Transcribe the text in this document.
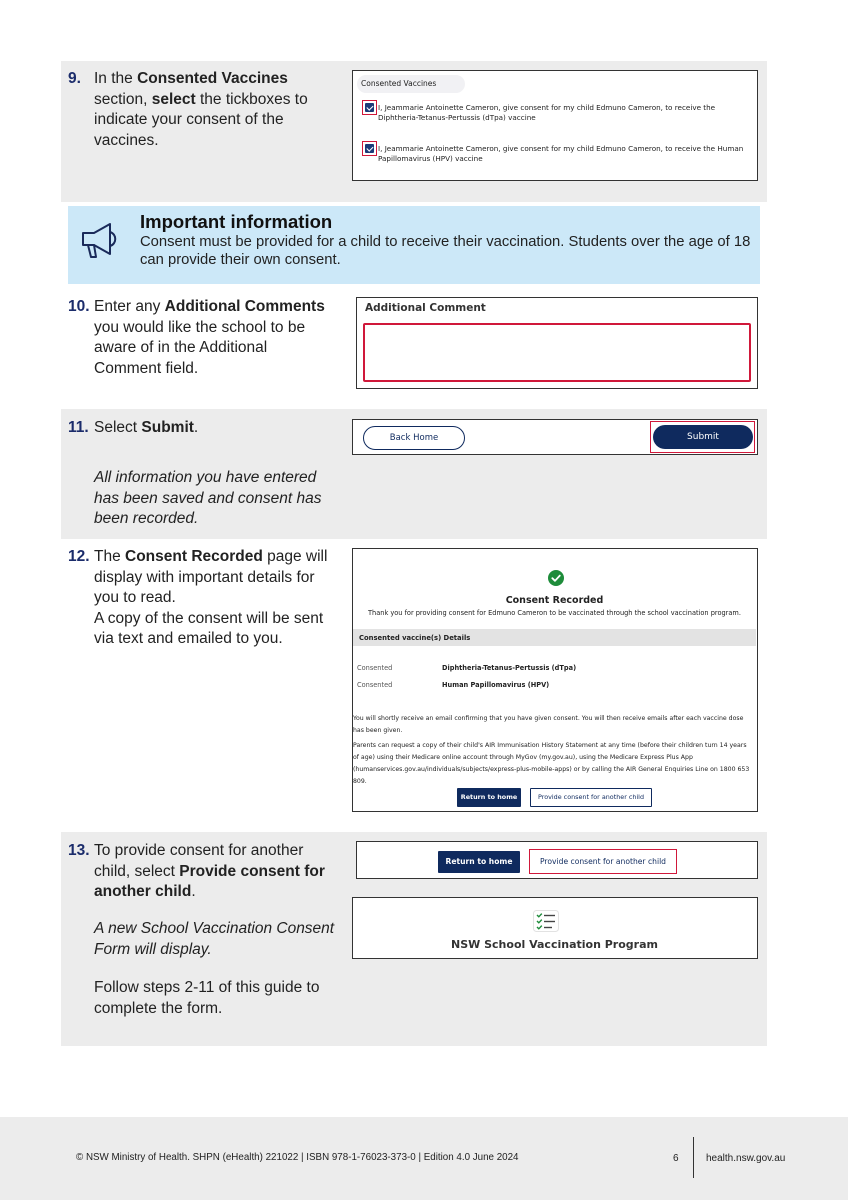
9. In the Consented Vaccines section, select the tickboxes to indicate your consent of the vaccines.
Consented Vaccines
I, Jeammarie Antoinette Cameron, give consent for my child Edmuno Cameron, to receive the Diphtheria-Tetanus-Pertussis (dTpa) vaccine
I, Jeammarie Antoinette Cameron, give consent for my child Edmuno Cameron, to receive the Human Papillomavirus (HPV) vaccine
Important information
Consent must be provided for a child to receive their vaccination. Students over the age of 18 can provide their own consent.
10. Enter any Additional Comments you would like the school to be aware of in the Additional Comment field.
Additional Comment
11. Select Submit.
All information you have entered has been saved and consent has been recorded.
Back Home	Submit
12. The Consent Recorded page will display with important details for you to read.
A copy of the consent will be sent via text and emailed to you.
Consent Recorded
Thank you for providing consent for Edmuno Cameron to be vaccinated through the school vaccination program.
Consented vaccine(s) Details
Consented	Diphtheria-Tetanus-Pertussis (dTpa)
Consented	Human Papillomavirus (HPV)
You will shortly receive an email confirming that you have given consent. You will then receive emails after each vaccine dose has been given.
Parents can request a copy of their child's AIR Immunisation History Statement at any time (before their children turn 14 years of age) using their Medicare online account through MyGov (my.gov.au), using the Medicare Express Plus App (humanservices.gov.au/individuals/subjects/express-plus-mobile-apps) or by calling the AIR General Enquiries Line on 1800 653 809.
Return to home	Provide consent for another child
13. To provide consent for another child, select Provide consent for another child.
A new School Vaccination Consent Form will display.
Follow steps 2-11 of this guide to complete the form.
Return to home	Provide consent for another child
NSW School Vaccination Program
© NSW Ministry of Health. SHPN (eHealth) 221022 | ISBN 978-1-76023-373-0 | Edition 4.0 June 2024	6	health.nsw.gov.au
